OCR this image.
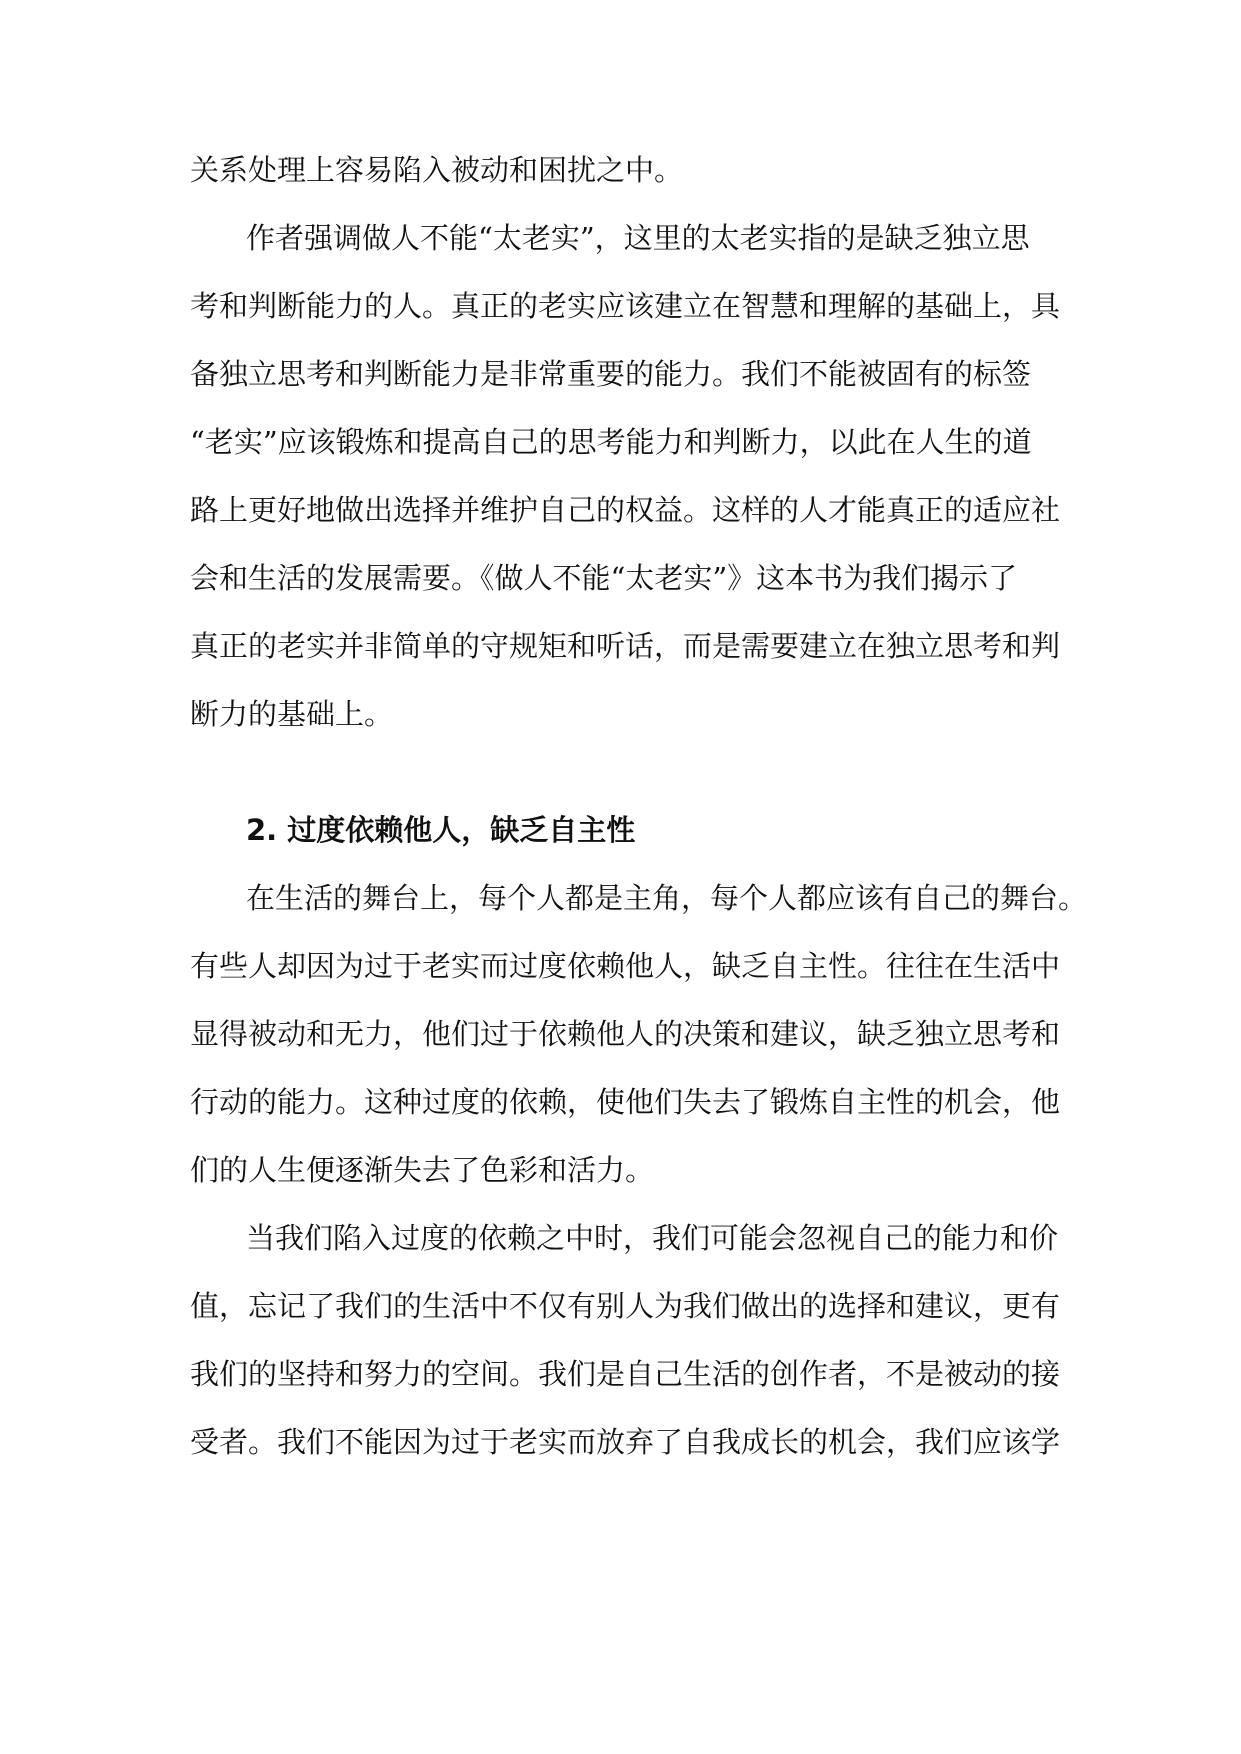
关系处理上容易陷入被动和困扰之中。
作者强调做人不能“太老实”，这里的太老实指的是缺乏独立思
考和判断能力的人。真正的老实应该建立在智慧和理解的基础上，具
备独立思考和判断能力是非常重要的能力。我们不能被固有的标签
“老实”应该锻炼和提高自己的思考能力和判断力，以此在人生的道
路上更好地做出选择并维护自己的权益。这样的人才能真正的适应社
会和生活的发展需要。《做人不能“太老实”》这本书为我们揭示了
真正的老实并非简单的守规矩和听话，而是需要建立在独立思考和判
断力的基础上。
2. 过度依赖他人，缺乏自主性
在生活的舞台上，每个人都是主角，每个人都应该有自己的舞台。
有些人却因为过于老实而过度依赖他人，缺乏自主性。往往在生活中
显得被动和无力，他们过于依赖他人的决策和建议，缺乏独立思考和
行动的能力。这种过度的依赖，使他们失去了锻炼自主性的机会，他
们的人生便逐渐失去了色彩和活力。
当我们陷入过度的依赖之中时，我们可能会忽视自己的能力和价
值，忘记了我们的生活中不仅有别人为我们做出的选择和建议，更有
我们的坚持和努力的空间。我们是自己生活的创作者，不是被动的接
受者。我们不能因为过于老实而放弃了自我成长的机会，我们应该学
